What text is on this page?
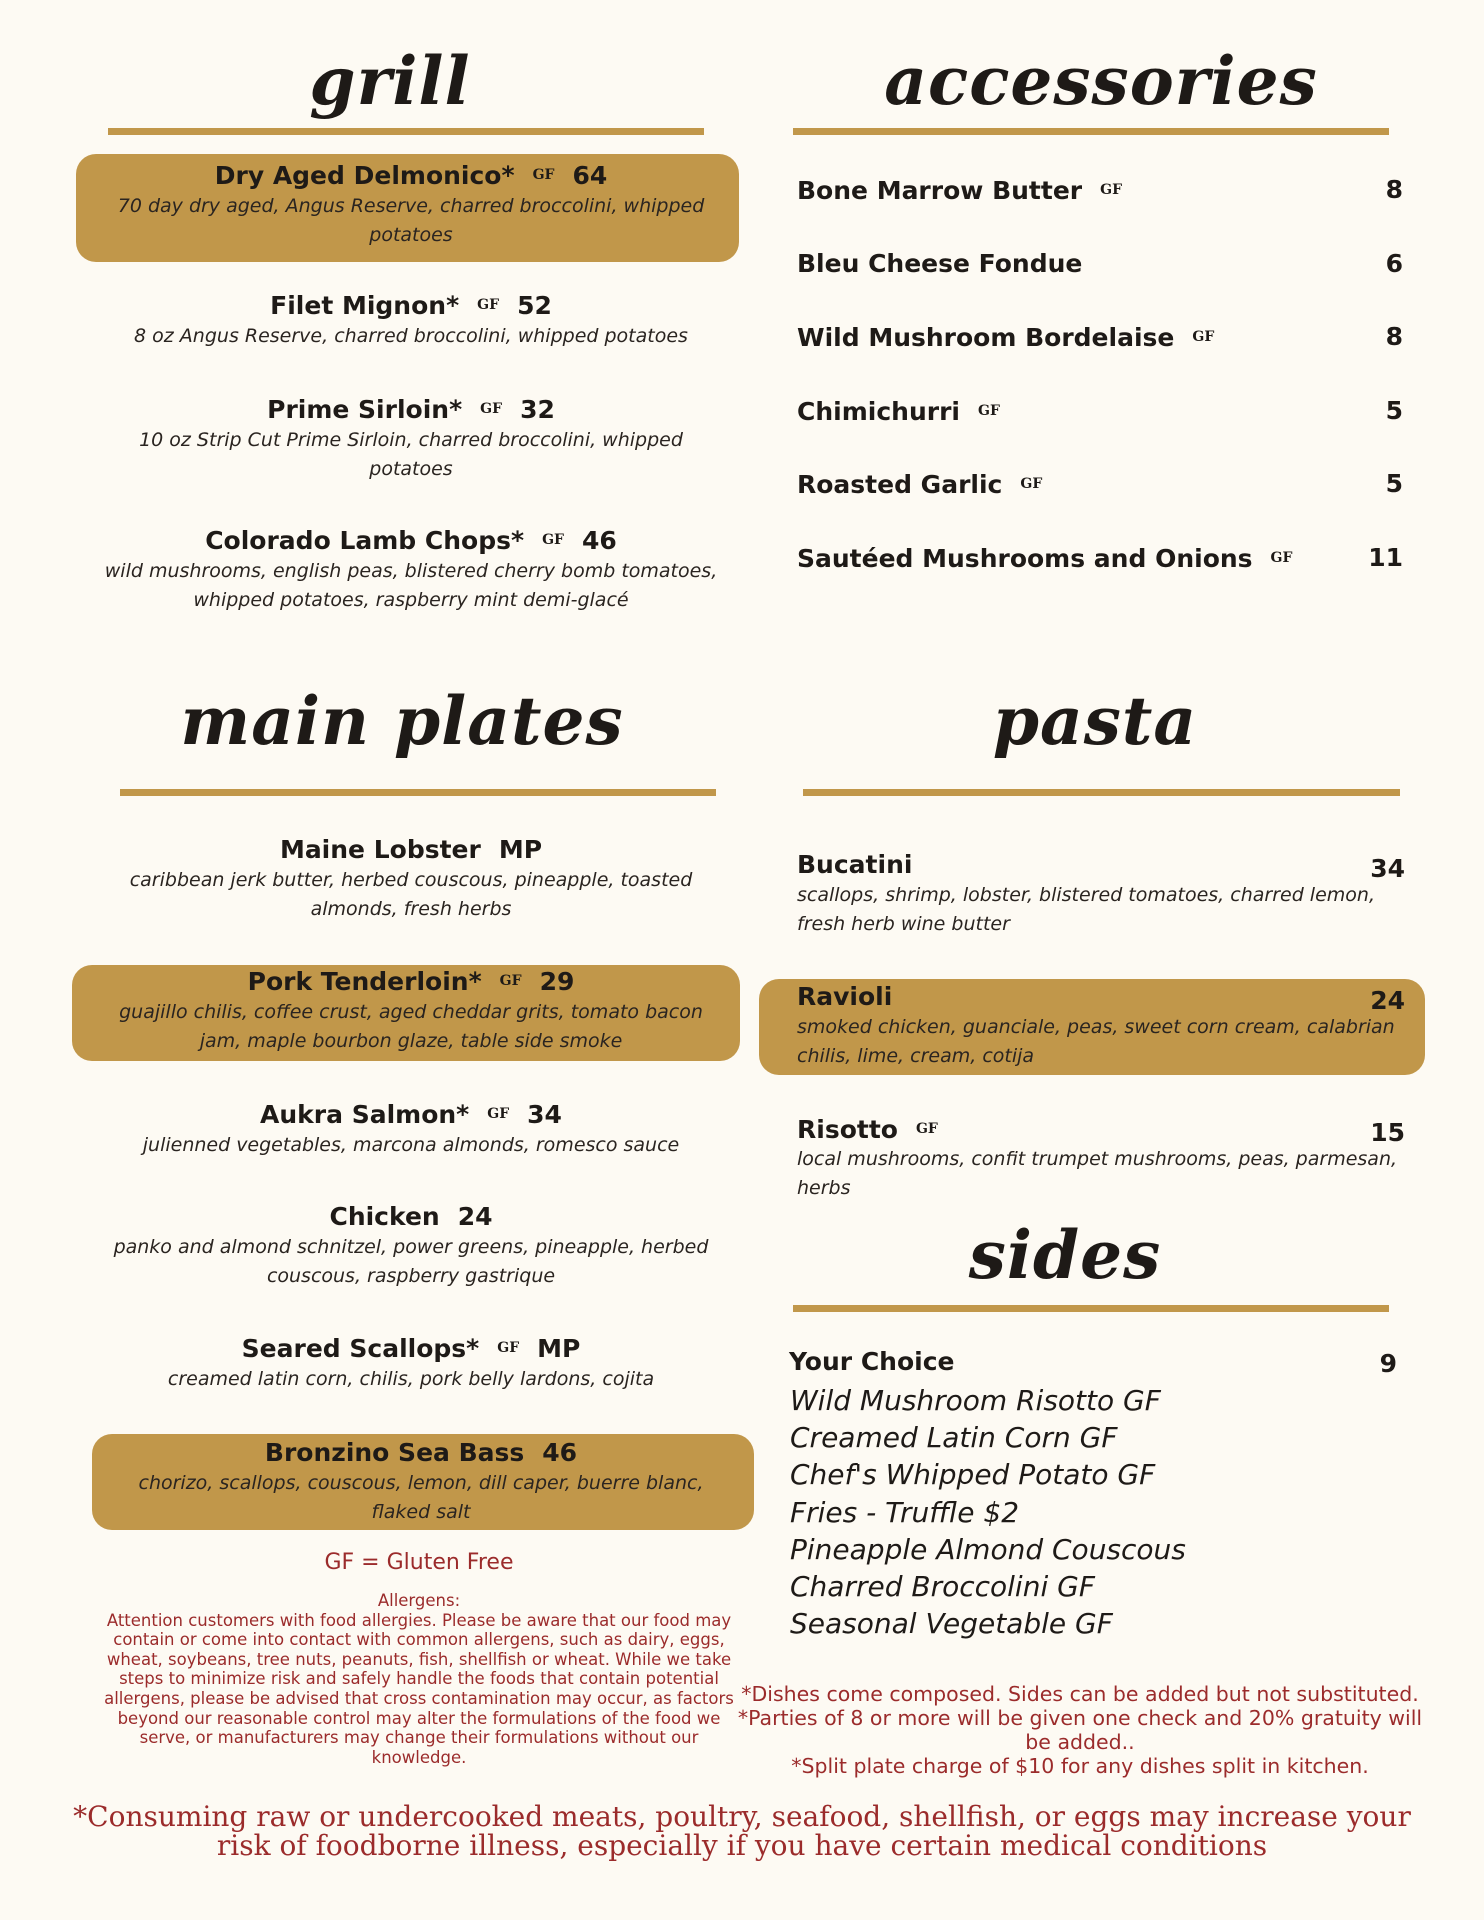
grill
Dry Aged Delmonico* GF 64
70 day dry aged, Angus Reserve, charred broccolini, whipped potatoes
Filet Mignon* GF 52
8 oz Angus Reserve, charred broccolini, whipped potatoes
Prime Sirloin* GF 32
10 oz Strip Cut Prime Sirloin, charred broccolini, whipped potatoes
Colorado Lamb Chops* GF 46
wild mushrooms, english peas, blistered cherry bomb tomatoes, whipped potatoes, raspberry mint demi-glacé
accessories
Bone Marrow Butter $^{GF}$	8
Bleu Cheese Fondue	6
Wild Mushroom Bordelaise $^{GF}$	8
Chimichurri $^{GF}$	5
Roasted Garlic $^{GF}$	5
Sautéed Mushrooms and Onions $^{GF}$	11
main plates
Maine Lobster MP
caribbean jerk butter, herbed couscous, pineapple, toasted almonds, fresh herbs
Pork Tenderloin* GF 29
guajillo chilis, coffee crust, aged cheddar grits, tomato bacon jam, maple bourbon glaze, table side smoke
Aukra Salmon* GF 34
julienned vegetables, marcona almonds, romesco sauce
Chicken 24
panko and almond schnitzel, power greens, pineapple, herbed couscous, raspberry gastrique
Seared Scallops* GF MP
creamed latin corn, chilis, pork belly lardons, cojita
Bronzino Sea Bass 46
chorizo, scallops, couscous, lemon, dill caper, buerre blanc, flaked salt
pasta
Bucatini	34
scallops, shrimp, lobster, blistered tomatoes, charred lemon, fresh herb wine butter
Ravioli	24
smoked chicken, guanciale, peas, sweet corn cream, calabrian chilis, lime, cream, cotija
Risotto $^{GF}$	15
local mushrooms, confit trumpet mushrooms, peas, parmesan, herbs
sides
Your Choice	9
Wild Mushroom Risotto GF
Creamed Latin Corn GF
Chef's Whipped Potato GF
Fries - Truffle $2
Pineapple Almond Couscous
Charred Broccolini GF
Seasonal Vegetable GF
GF = Gluten Free
Allergens:
Attention customers with food allergies. Please be aware that our food may contain or come into contact with common allergens, such as dairy, eggs, wheat, soybeans, tree nuts, peanuts, fish, shellfish or wheat. While we take steps to minimize risk and safely handle the foods that contain potential allergens, please be advised that cross contamination may occur, as factors beyond our reasonable control may alter the formulations of the food we serve, or manufacturers may change their formulations without our knowledge.
*Dishes come composed. Sides can be added but not substituted.
*Parties of 8 or more will be given one check and 20% gratuity will be added..
*Split plate charge of $10 for any dishes split in kitchen.
*Consuming raw or undercooked meats, poultry, seafood, shellfish, or eggs may increase your risk of foodborne illness, especially if you have certain medical conditions
